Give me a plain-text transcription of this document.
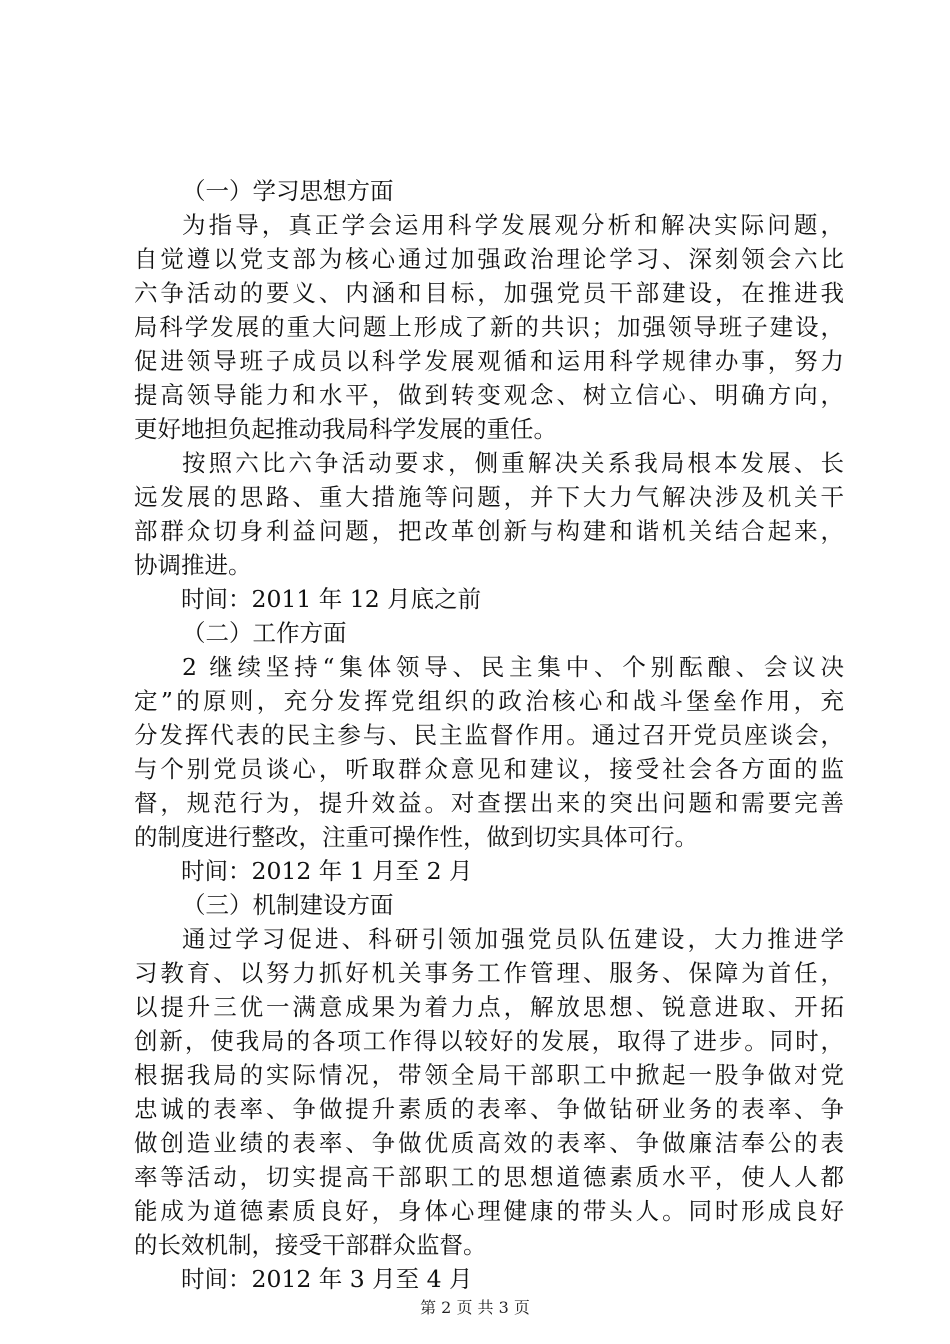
（一）学习思想方面
为指导，真正学会运用科学发展观分析和解决实际问题，
自觉遵以党支部为核心通过加强政治理论学习、深刻领会六比
六争活动的要义、内涵和目标，加强党员干部建设，在推进我
局科学发展的重大问题上形成了新的共识；加强领导班子建设，
促进领导班子成员以科学发展观循和运用科学规律办事，努力
提高领导能力和水平，做到转变观念、树立信心、明确方向，
更好地担负起推动我局科学发展的重任。
按照六比六争活动要求，侧重解决关系我局根本发展、长
远发展的思路、重大措施等问题，并下大力气解决涉及机关干
部群众切身利益问题，把改革创新与构建和谐机关结合起来，
协调推进。
时间：2011 年 12 月底之前
（二）工作方面
2 继续坚持“集体领导、民主集中、个别酝酿、会议决
定”的原则，充分发挥党组织的政治核心和战斗堡垒作用，充
分发挥代表的民主参与、民主监督作用。通过召开党员座谈会，
与个别党员谈心，听取群众意见和建议，接受社会各方面的监
督，规范行为，提升效益。对查摆出来的突出问题和需要完善
的制度进行整改，注重可操作性，做到切实具体可行。
时间：2012 年 1 月至 2 月
（三）机制建设方面
通过学习促进、科研引领加强党员队伍建设，大力推进学
习教育、以努力抓好机关事务工作管理、服务、保障为首任，
以提升三优一满意成果为着力点，解放思想、锐意进取、开拓
创新，使我局的各项工作得以较好的发展，取得了进步。同时，
根据我局的实际情况，带领全局干部职工中掀起一股争做对党
忠诚的表率、争做提升素质的表率、争做钻研业务的表率、争
做创造业绩的表率、争做优质高效的表率、争做廉洁奉公的表
率等活动，切实提高干部职工的思想道德素质水平，使人人都
能成为道德素质良好，身体心理健康的带头人。同时形成良好
的长效机制，接受干部群众监督。
时间：2012 年 3 月至 4 月
第 2 页 共 3 页
